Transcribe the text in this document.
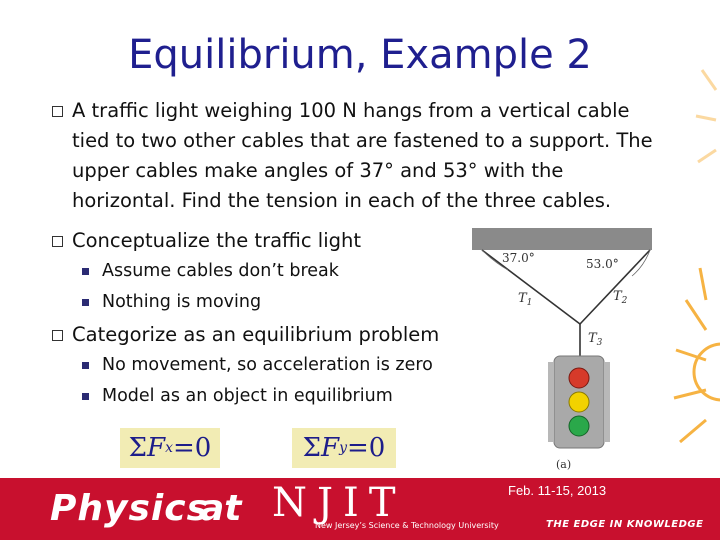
Equilibrium, Example 2
A traffic light weighing 100 N hangs from a vertical cable tied to two other cables that are fastened to a support. The upper cables make angles of 37° and 53° with the horizontal. Find the tension in each of the three cables.
Conceptualize the traffic light
Assume cables don’t break
Nothing is moving
Categorize as an equilibrium problem
No movement, so acceleration is zero
Model as an object in equilibrium
37.0°	53.0°
$T_1$	$T_2$
$T_3$
(a)
Σ F x =0	Σ F y =0
Physics
at NJIT
New Jersey’s Science & Technology University	THE EDGE IN KNOWLEDGE
Feb. 11-15, 2013
